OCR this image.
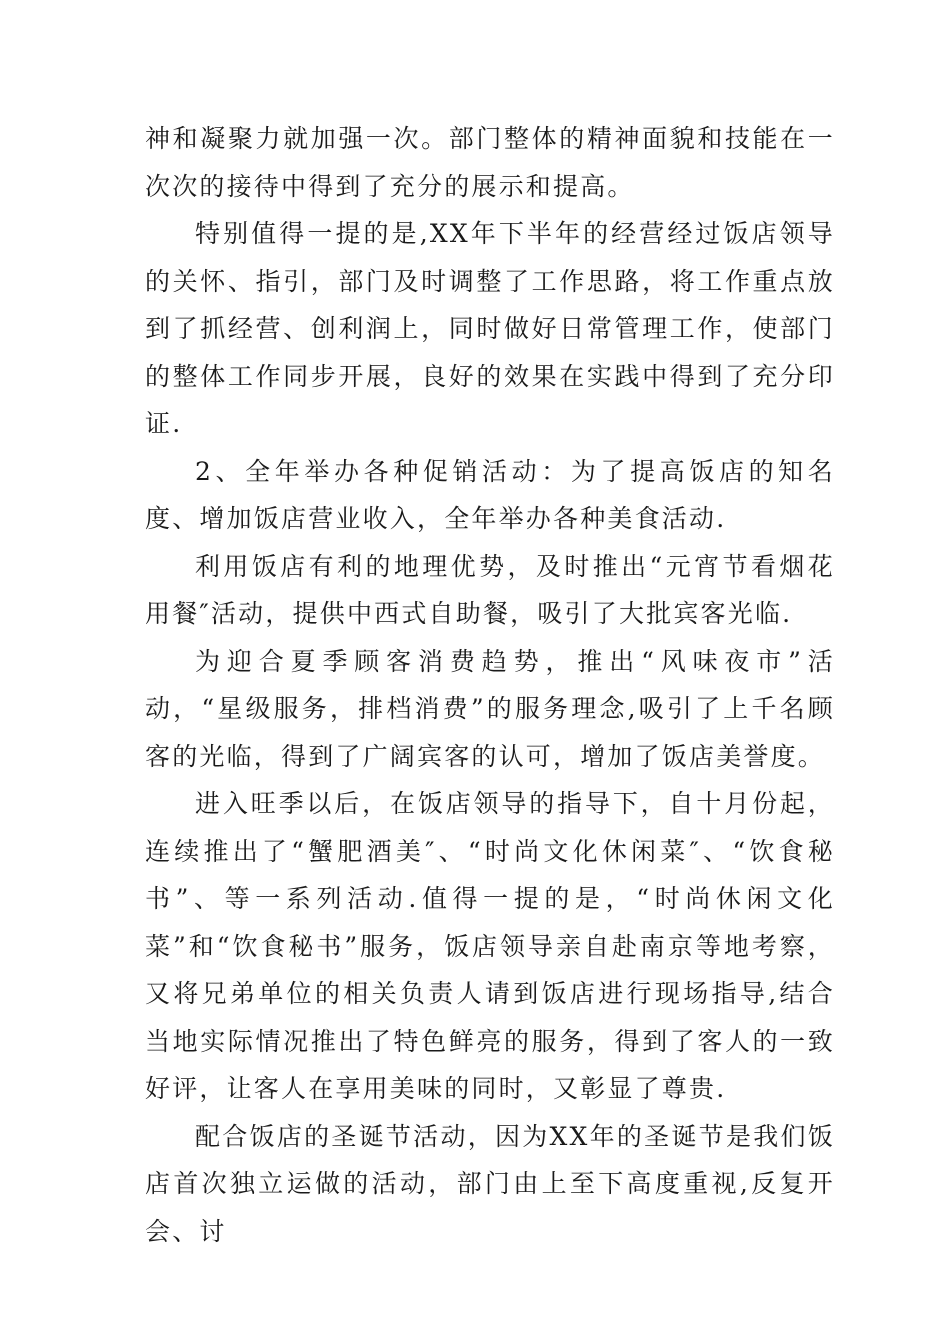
神和凝聚力就加强一次。部门整体的精神面貌和技能在一次次的接待中得到了充分的展示和提高。

特别值得一提的是,XX年下半年的经营经过饭店领导的关怀、指引，部门及时调整了工作思路，将工作重点放到了抓经营、创利润上，同时做好日常管理工作，使部门的整体工作同步开展，良好的效果在实践中得到了充分印证.

2、全年举办各种促销活动：为了提高饭店的知名度、增加饭店营业收入，全年举办各种美食活动.

利用饭店有利的地理优势，及时推出“元宵节看烟花用餐″活动，提供中西式自助餐，吸引了大批宾客光临.

为迎合夏季顾客消费趋势，推出“风味夜市”活动，“星级服务，排档消费”的服务理念,吸引了上千名顾客的光临，得到了广阔宾客的认可，增加了饭店美誉度。

进入旺季以后，在饭店领导的指导下，自十月份起，连续推出了“蟹肥酒美″、“时尚文化休闲菜″、“饮食秘书”、等一系列活动.值得一提的是，“时尚休闲文化菜”和“饮食秘书”服务，饭店领导亲自赴南京等地考察，又将兄弟单位的相关负责人请到饭店进行现场指导,结合当地实际情况推出了特色鲜亮的服务，得到了客人的一致好评，让客人在享用美味的同时，又彰显了尊贵.

配合饭店的圣诞节活动，因为XX年的圣诞节是我们饭店首次独立运做的活动，部门由上至下高度重视,反复开会、讨
